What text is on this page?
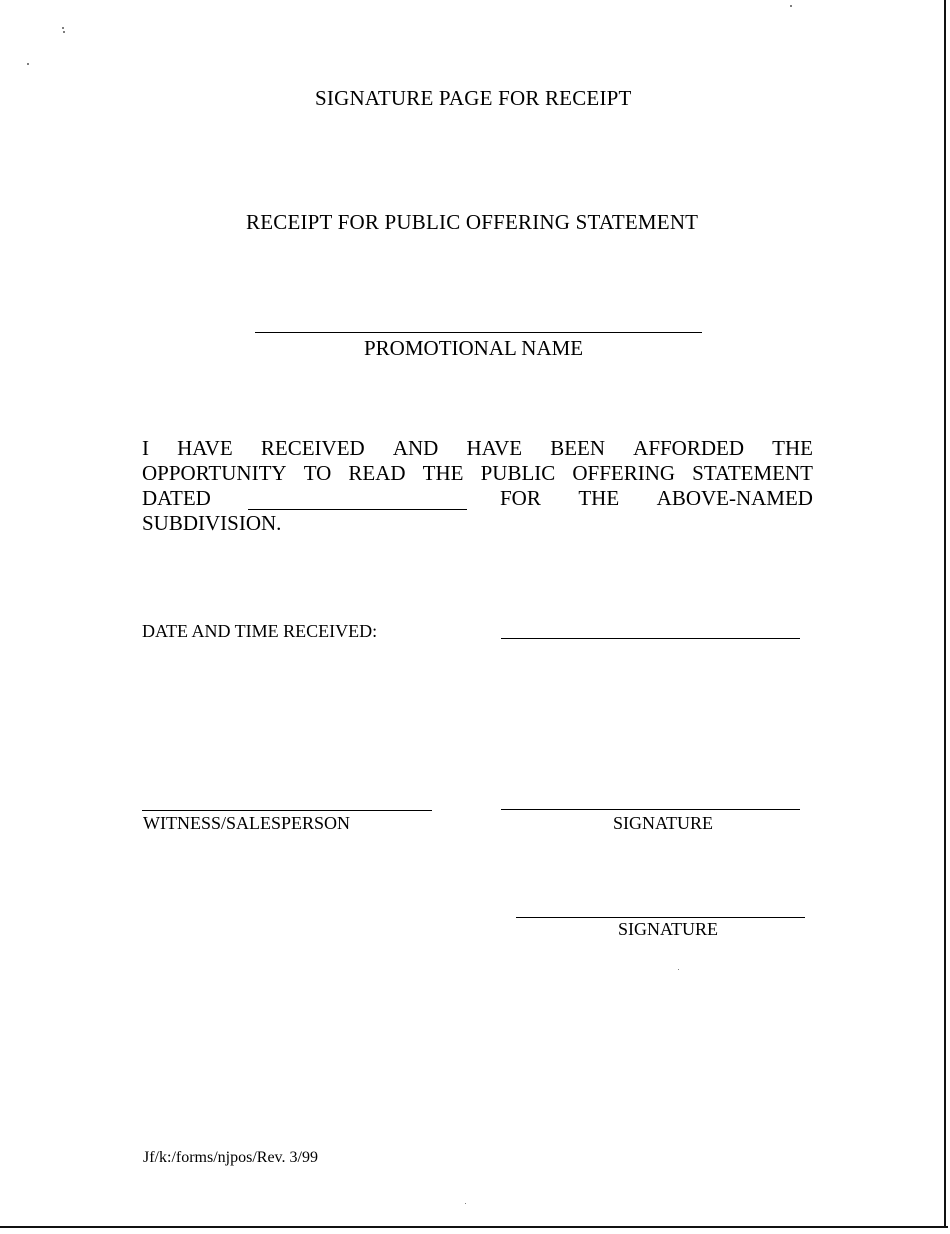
SIGNATURE PAGE FOR RECEIPT
RECEIPT FOR PUBLIC OFFERING STATEMENT
PROMOTIONAL NAME
I HAVE RECEIVED AND HAVE BEEN AFFORDED THE
OPPORTUNITY TO READ THE PUBLIC OFFERING STATEMENT
DATED	FOR THE ABOVE-NAMED
SUBDIVISION.
DATE AND TIME RECEIVED:
WITNESS/SALESPERSON	SIGNATURE
SIGNATURE
Jf/k:/forms/njpos/Rev. 3/99
